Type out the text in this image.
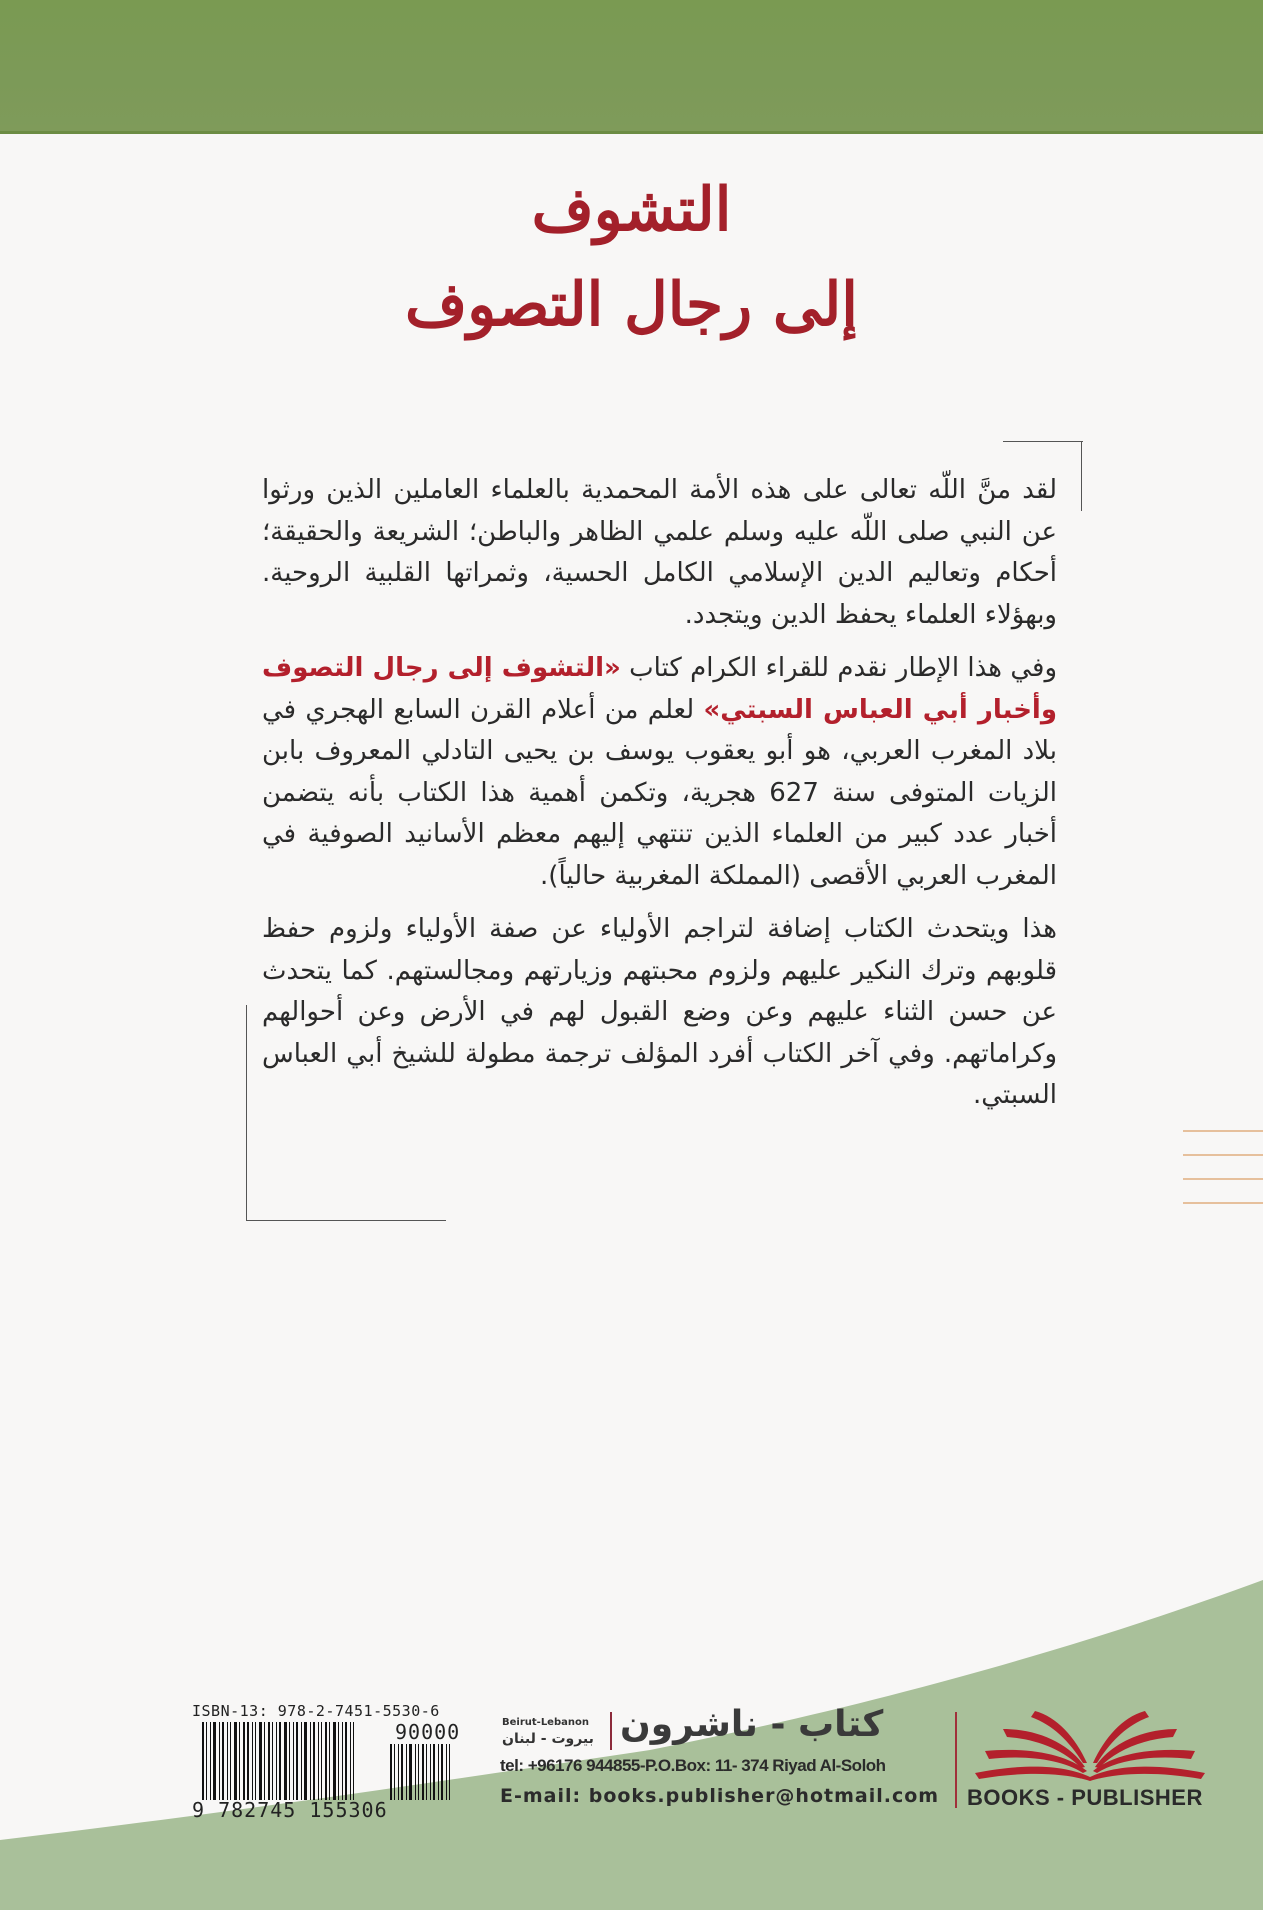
التشوف
إلى رجال التصوف

لقد منَّ اللّه تعالى على هذه الأمة المحمدية بالعلماء العاملين الذين ورثوا عن النبي صلى اللّه عليه وسلم علمي الظاهر والباطن؛ الشريعة والحقيقة؛ أحكام وتعاليم الدين الإسلامي الكامل الحسية، وثمراتها القلبية الروحية. وبهؤلاء العلماء يحفظ الدين ويتجدد.

وفي هذا الإطار نقدم للقراء الكرام كتاب «التشوف إلى رجال التصوف وأخبار أبي العباس السبتي» لعلم من أعلام القرن السابع الهجري في بلاد المغرب العربي، هو أبو يعقوب يوسف بن يحيى التادلي المعروف بابن الزيات المتوفى سنة 627 هجرية، وتكمن أهمية هذا الكتاب بأنه يتضمن أخبار عدد كبير من العلماء الذين تنتهي إليهم معظم الأسانيد الصوفية في المغرب العربي الأقصى (المملكة المغربية حالياً).

هذا ويتحدث الكتاب إضافة لتراجم الأولياء عن صفة الأولياء ولزوم حفظ قلوبهم وترك النكير عليهم ولزوم محبتهم وزيارتهم ومجالستهم. كما يتحدث عن حسن الثناء عليهم وعن وضع القبول لهم في الأرض وعن أحوالهم وكراماتهم. وفي آخر الكتاب أفرد المؤلف ترجمة مطولة للشيخ أبي العباس السبتي.

ISBN-13: 978-2-7451-5530-6
90000
9 782745 155306
Beirut-Lebanon
بيروت - لبنان كتاب - ناشرون
tel: +96176 944855-P.O.Box: 11- 374 Riyad Al-Soloh
E-mail: books.publisher@hotmail.com BOOKS - PUBLISHER
